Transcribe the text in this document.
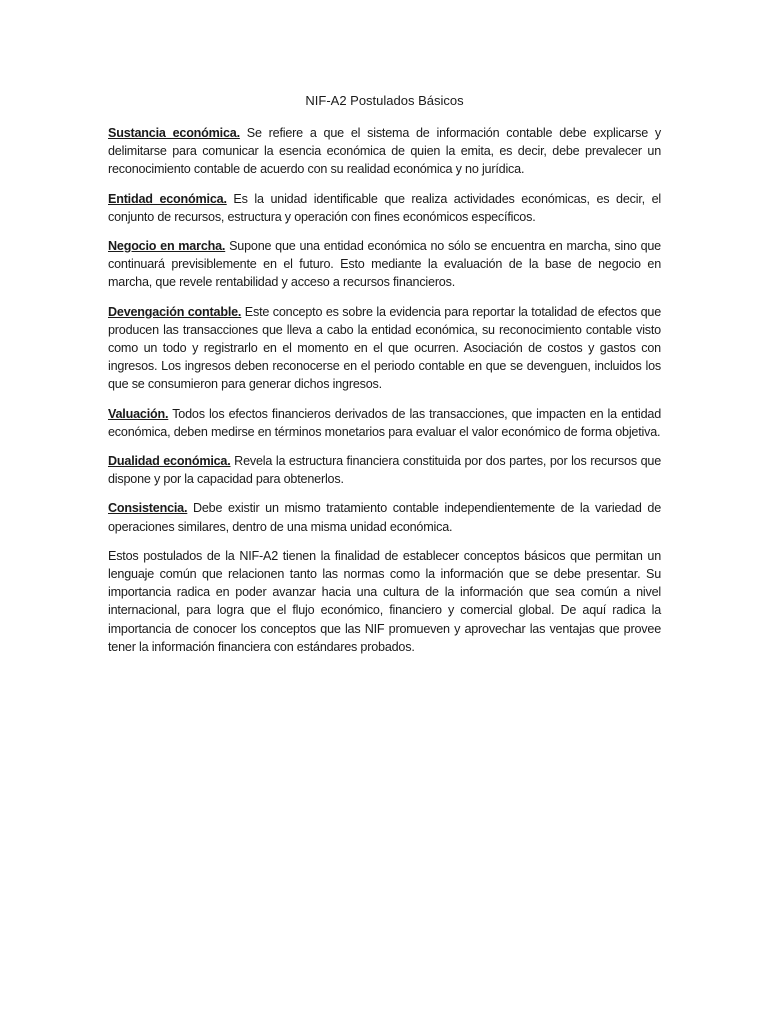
NIF-A2 Postulados Básicos

Sustancia económica. Se refiere a que el sistema de información contable debe explicarse y delimitarse para comunicar la esencia económica de quien la emita, es decir, debe prevalecer un reconocimiento contable de acuerdo con su realidad económica y no jurídica.

Entidad económica. Es la unidad identificable que realiza actividades económicas, es decir, el conjunto de recursos, estructura y operación con fines económicos específicos.

Negocio en marcha. Supone que una entidad económica no sólo se encuentra en marcha, sino que continuará previsiblemente en el futuro. Esto mediante la evaluación de la base de negocio en marcha, que revele rentabilidad y acceso a recursos financieros.

Devengación contable. Este concepto es sobre la evidencia para reportar la totalidad de efectos que producen las transacciones que lleva a cabo la entidad económica, su reconocimiento contable visto como un todo y registrarlo en el momento en el que ocurren. Asociación de costos y gastos con ingresos. Los ingresos deben reconocerse en el periodo contable en que se devenguen, incluidos los que se consumieron para generar dichos ingresos.

Valuación. Todos los efectos financieros derivados de las transacciones, que impacten en la entidad económica, deben medirse en términos monetarios para evaluar el valor económico de forma objetiva.

Dualidad económica. Revela la estructura financiera constituida por dos partes, por los recursos que dispone y por la capacidad para obtenerlos.

Consistencia. Debe existir un mismo tratamiento contable independientemente de la variedad de operaciones similares, dentro de una misma unidad económica.

Estos postulados de la NIF-A2 tienen la finalidad de establecer conceptos básicos que permitan un lenguaje común que relacionen tanto las normas como la información que se debe presentar. Su importancia radica en poder avanzar hacia una cultura de la información que sea común a nivel internacional, para logra que el flujo económico, financiero y comercial global. De aquí radica la importancia de conocer los conceptos que las NIF promueven y aprovechar las ventajas que provee tener la información financiera con estándares probados.
